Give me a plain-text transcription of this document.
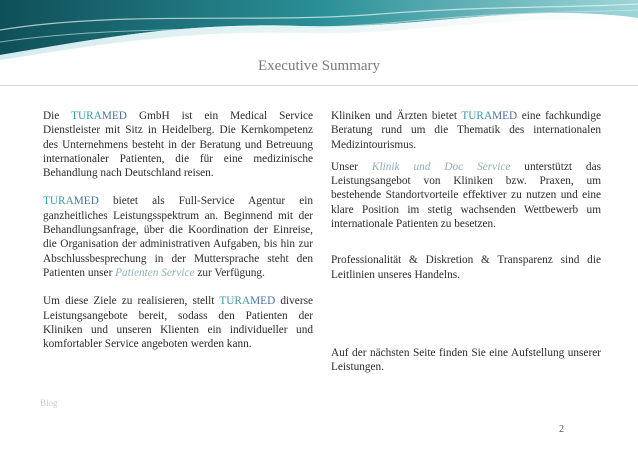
Executive Summary

Die TURAMED GmbH ist ein Medical Service Dienstleister mit Sitz in Heidelberg. Die Kernkompetenz des Unternehmens besteht in der Beratung und Betreuung internationaler Patienten, die für eine medizinische Behandlung nach Deutschland reisen.

TURAMED bietet als Full-Service Agentur ein ganzheitliches Leistungsspektrum an. Beginnend mit der Behandlungsanfrage, über die Koordination der Einreise, die Organisation der administrativen Aufgaben, bis hin zur Abschlussbesprechung in der Muttersprache steht den Patienten unser Patienten Service zur Verfügung.

Um diese Ziele zu realisieren, stellt TURAMED diverse Leistungsangebote bereit, sodass den Patienten der Kliniken und unseren Klienten ein individueller und komfortabler Service angeboten werden kann.

Kliniken und Ärzten bietet TURAMED eine fachkundige Beratung rund um die Thematik des internationalen Medizintourismus.

Unser Klinik und Doc Service unterstützt das Leistungsangebot von Kliniken bzw. Praxen, um bestehende Standortvorteile effektiver zu nutzen und eine klare Position im stetig wachsenden Wettbewerb um internationale Patienten zu besetzen.

Professionalität & Diskretion & Transparenz sind die Leitlinien unseres Handelns.

Auf der nächsten Seite finden Sie eine Aufstellung unserer Leistungen.

Blog
2
